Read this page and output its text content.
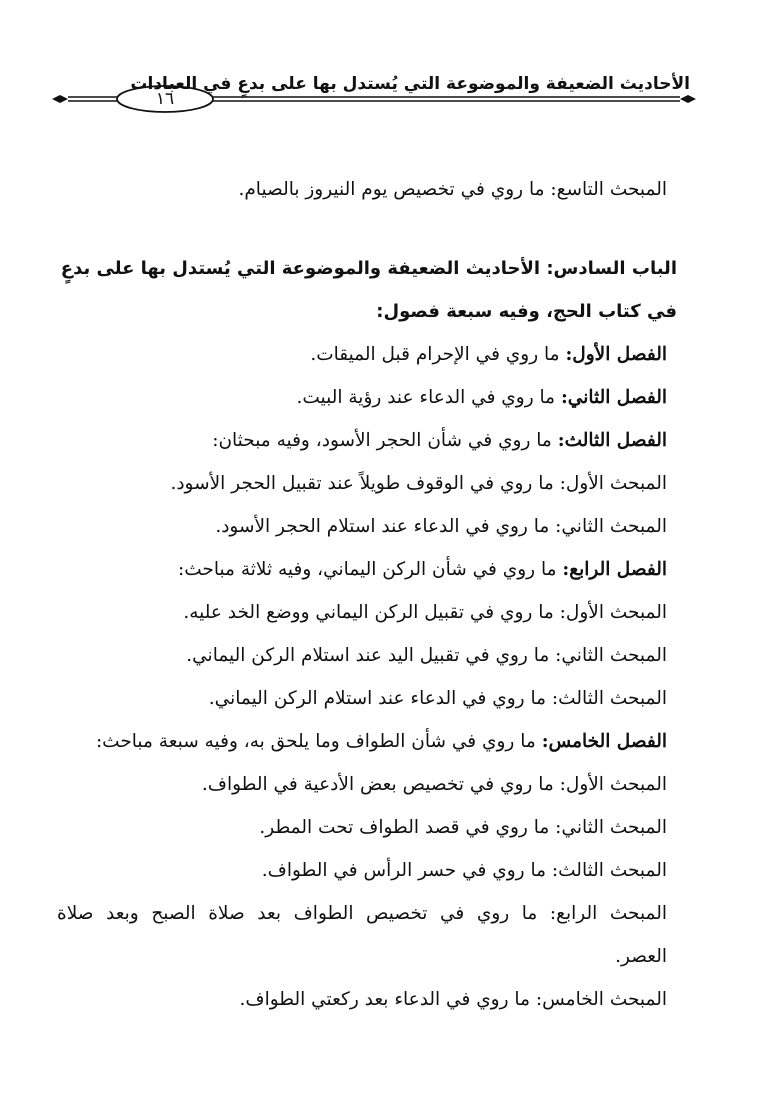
الأحاديث الضعيفة والموضوعة التي يُستدل بها على بدعٍ في العبادات
١٦
المبحث التاسع: ما روي في تخصيص يوم النيروز بالصيام.
الباب السادس: الأحاديث الضعيفة والموضوعة التي يُستدل بها على بدعٍ
في كتاب الحج، وفيه سبعة فصول:
الفصل الأول: ما روي في الإحرام قبل الميقات.
الفصل الثاني: ما روي في الدعاء عند رؤية البيت.
الفصل الثالث: ما روي في شأن الحجر الأسود، وفيه مبحثان:
المبحث الأول: ما روي في الوقوف طويلاً عند تقبيل الحجر الأسود.
المبحث الثاني: ما روي في الدعاء عند استلام الحجر الأسود.
الفصل الرابع: ما روي في شأن الركن اليماني، وفيه ثلاثة مباحث:
المبحث الأول: ما روي في تقبيل الركن اليماني ووضع الخد عليه.
المبحث الثاني: ما روي في تقبيل اليد عند استلام الركن اليماني.
المبحث الثالث: ما روي في الدعاء عند استلام الركن اليماني.
الفصل الخامس: ما روي في شأن الطواف وما يلحق به، وفيه سبعة مباحث:
المبحث الأول: ما روي في تخصيص بعض الأدعية في الطواف.
المبحث الثاني: ما روي في قصد الطواف تحت المطر.
المبحث الثالث: ما روي في حسر الرأس في الطواف.
المبحث الرابع: ما روي في تخصيص الطواف بعد صلاة الصبح وبعد صلاة
العصر.
المبحث الخامس: ما روي في الدعاء بعد ركعتي الطواف.
